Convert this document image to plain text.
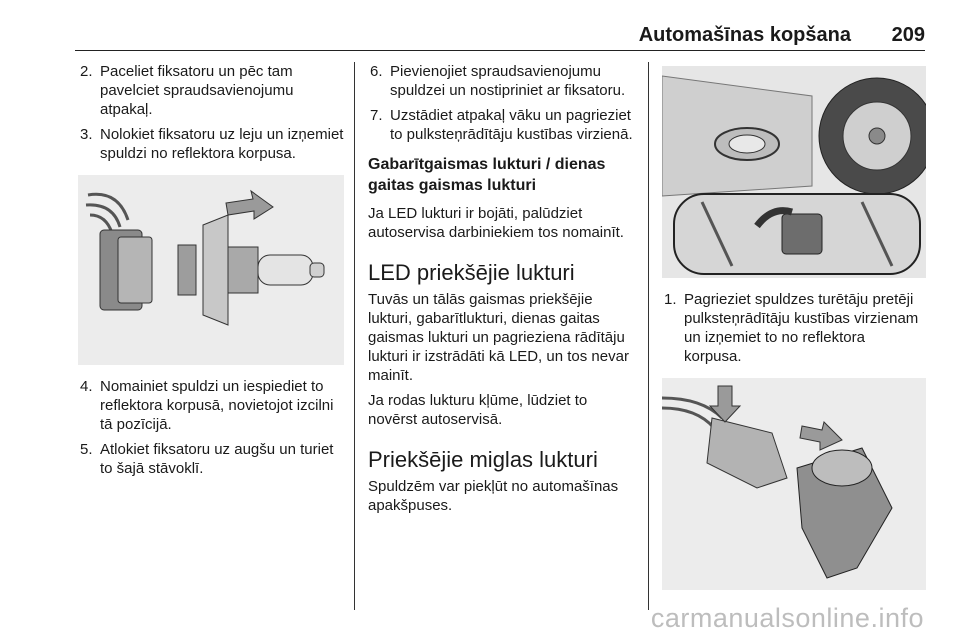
Automašīnas kopšana 209
2. Paceliet fiksatoru un pēc tam pavelciet spraudsavienojumu atpakaļ.
3. Nolokiet fiksatoru uz leju un izņemiet spuldzi no reflektora korpusa.
4. Nomainiet spuldzi un iespiediet to reflektora korpusā, novietojot izcilni tā pozīcijā.
5. Atlokiet fiksatoru uz augšu un turiet to šajā stāvoklī.
6. Pievienojiet spraudsavienojumu spuldzei un nostipriniet ar fiksatoru.
7. Uzstādiet atpakaļ vāku un pagrieziet to pulksteņrādītāju kustības virzienā.
Gabarītgaismas lukturi / dienas gaitas gaismas lukturi

Ja LED lukturi ir bojāti, palūdziet autoservisa darbiniekiem tos nomainīt.

LED priekšējie lukturi

Tuvās un tālās gaismas priekšējie lukturi, gabarītlukturi, dienas gaitas gaismas lukturi un pagrieziena rādītāju lukturi ir izstrādāti kā LED, un tos nevar mainīt.

Ja rodas lukturu kļūme, lūdziet to novērst autoservisā.

Priekšējie miglas lukturi

Spuldzēm var piekļūt no automašīnas apakšpuses.

1. Pagrieziet spuldzes turētāju pretēji pulksteņrādītāju kustības virzienam un izņemiet to no reflektora korpusa.
carmanualsonline.info
